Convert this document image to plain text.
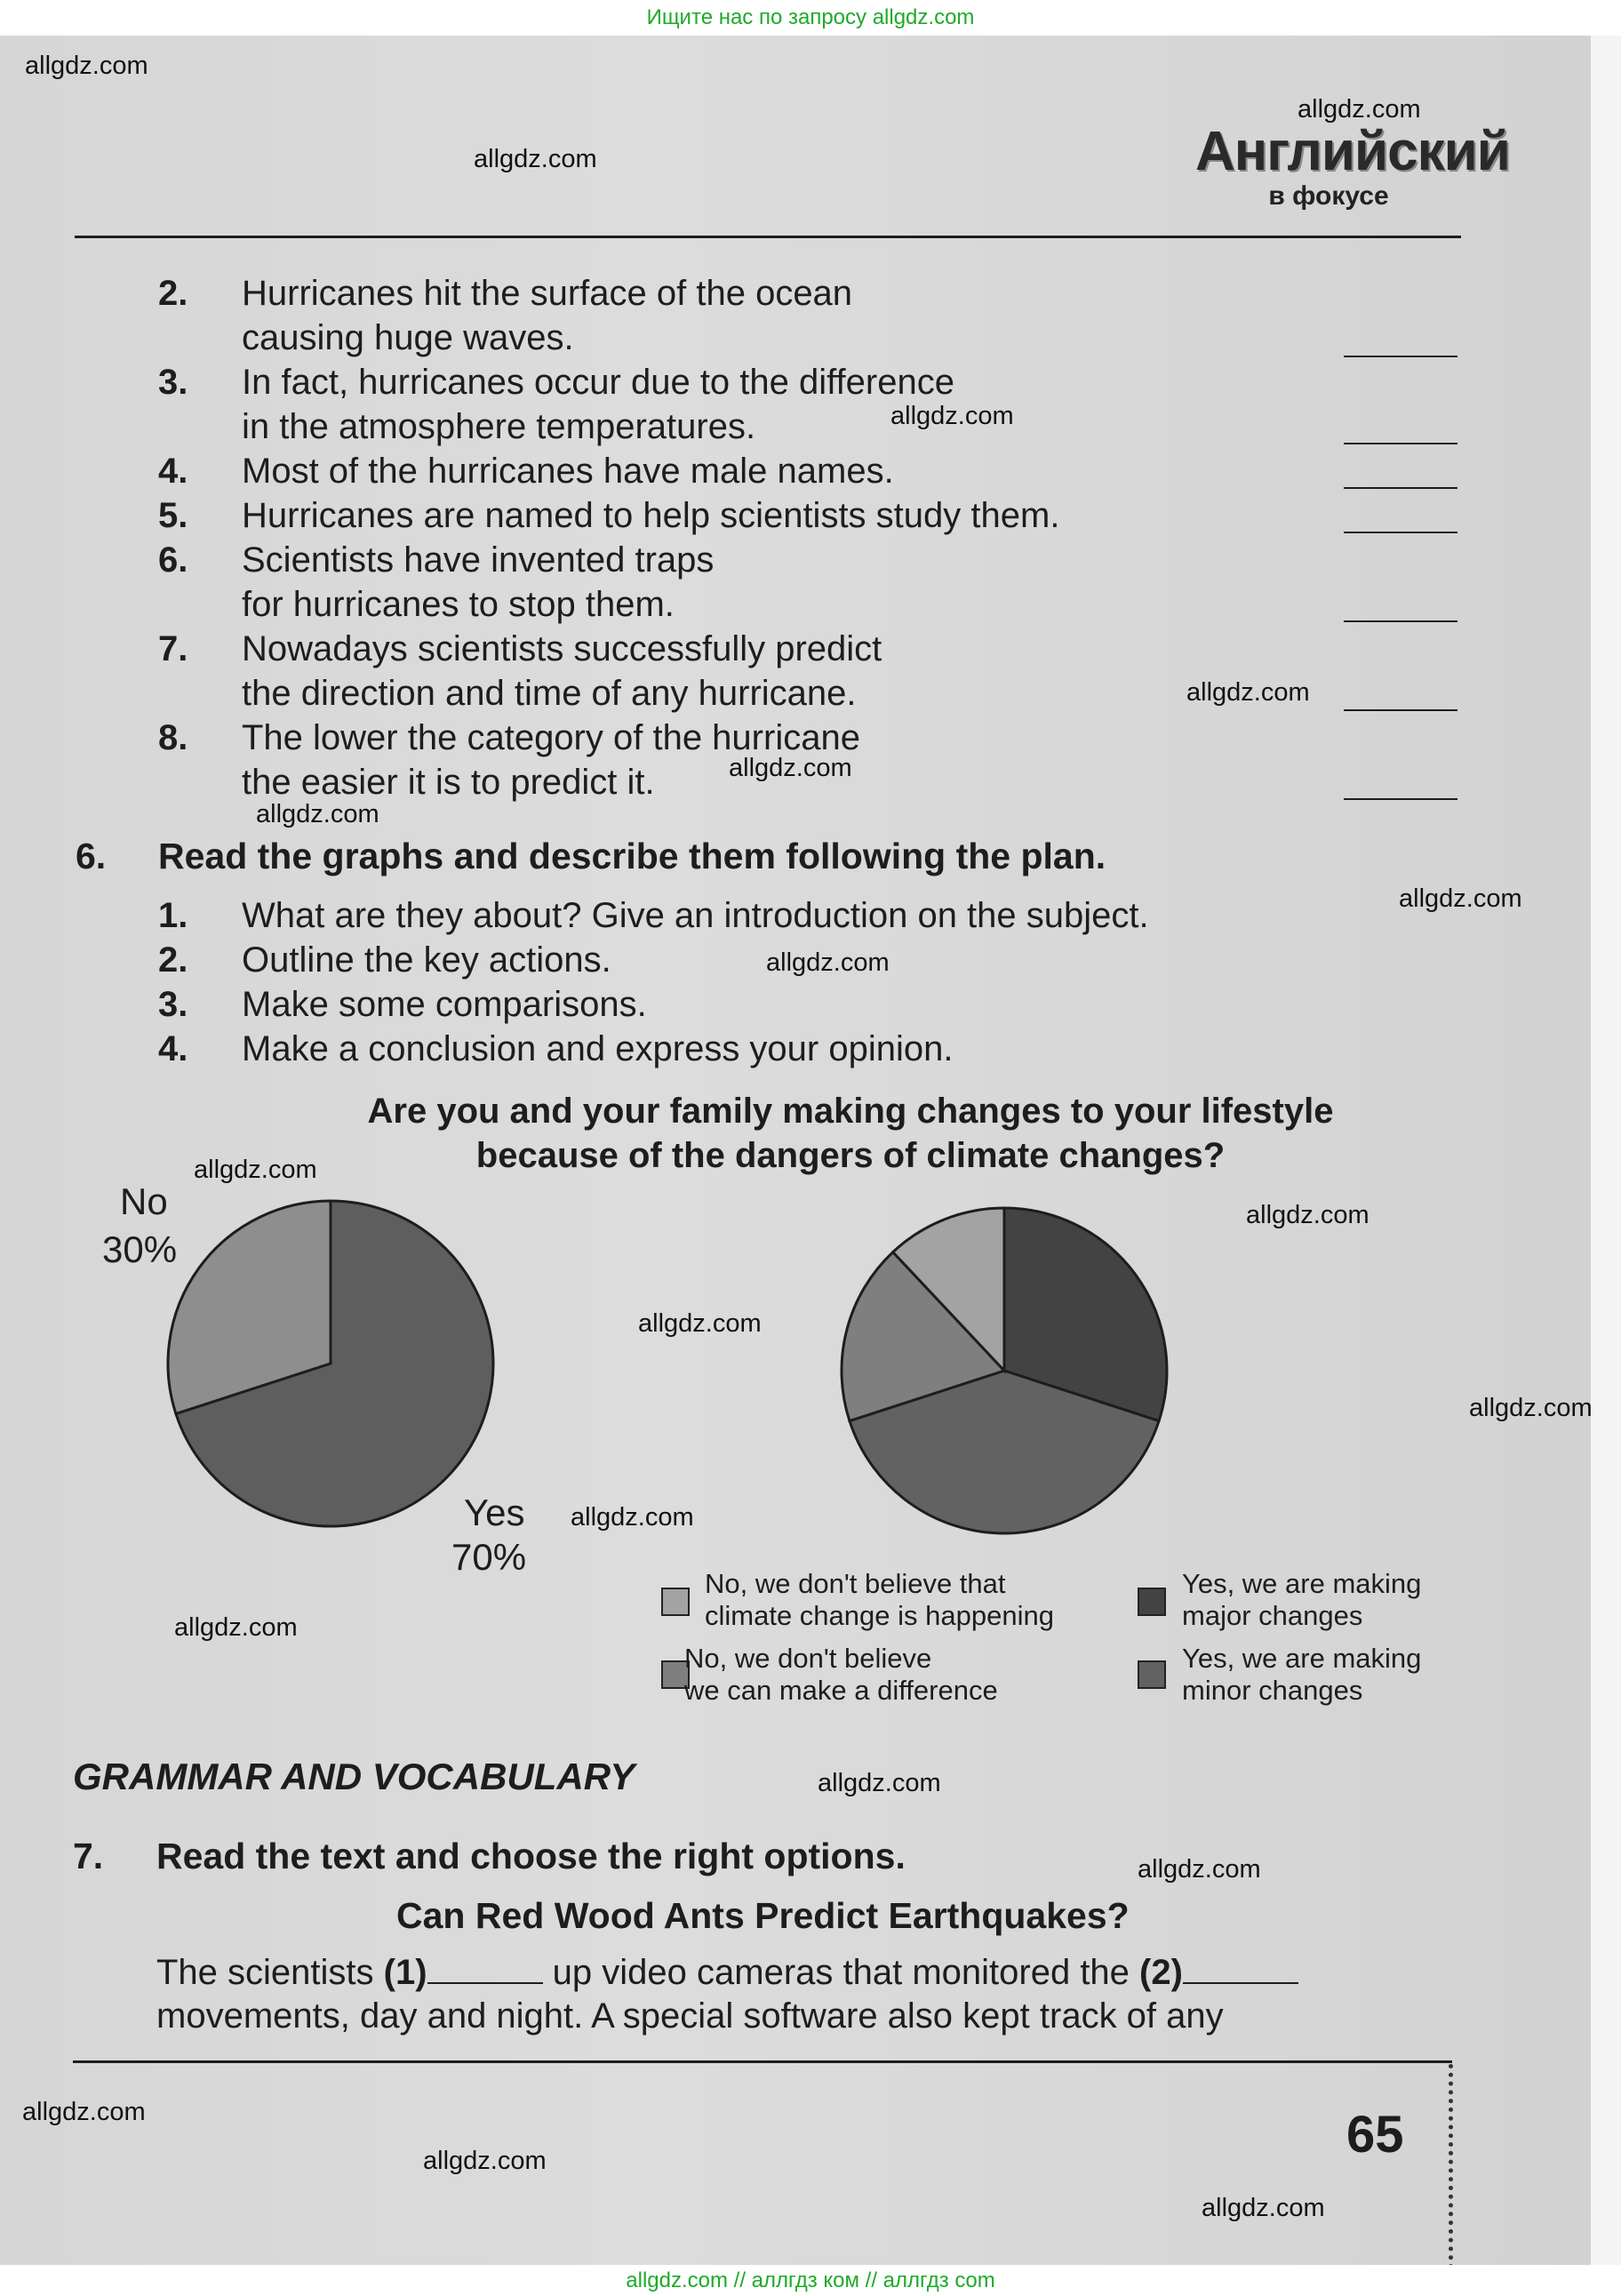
Ищите нас по запросу allgdz.com
allgdz.com
allgdz.com
allgdz.com
allgdz.com
allgdz.com
allgdz.com
allgdz.com
allgdz.com
allgdz.com
allgdz.com
allgdz.com
allgdz.com
allgdz.com
allgdz.com
allgdz.com
allgdz.com
allgdz.com
allgdz.com
allgdz.com
allgdz.com
Английский
в фокусе
2. Hurricanes hit the surface of the ocean
causing huge waves.
3. In fact, hurricanes occur due to the difference
in the atmosphere temperatures.
4. Most of the hurricanes have male names.
5. Hurricanes are named to help scientists study them.
6. Scientists have invented traps
for hurricanes to stop them.
7. Nowadays scientists successfully predict
the direction and time of any hurricane.
8. The lower the category of the hurricane
the easier it is to predict it.
6. Read the graphs and describe them following the plan.
1. What are they about? Give an introduction on the subject.
2. Outline the key actions.
3. Make some comparisons.
4. Make a conclusion and express your opinion.
Are you and your family making changes to your lifestyle
because of the dangers of climate changes?
No
30%
Yes
70%
No, we don't believe that
climate change is happening
No, we don't believe
we can make a difference
Yes, we are making
major changes
Yes, we are making
minor changes
GRAMMAR AND VOCABULARY
7. Read the text and choose the right options.
Can Red Wood Ants Predict Earthquakes?
The scientists (1)	up video cameras that monitored the (2)
movements, day and night. A special software also kept track of any
65
allgdz.com // аллгдз ком // аллгдз com
